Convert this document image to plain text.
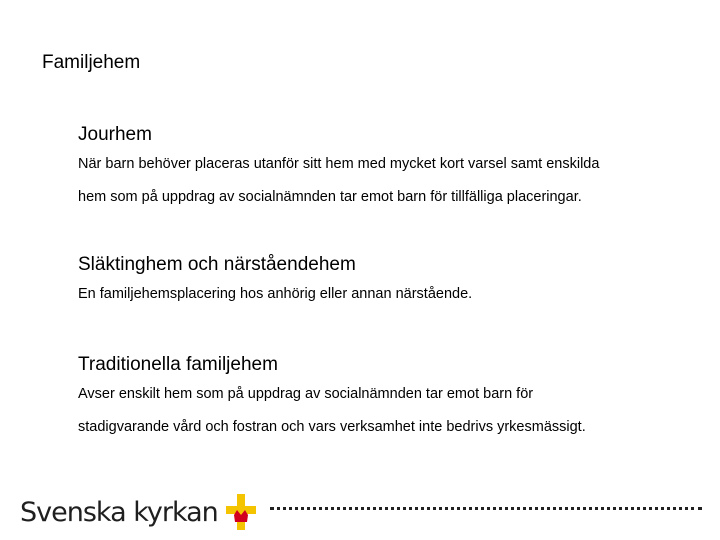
Familjehem
Jourhem
När barn behöver placeras utanför sitt hem med mycket kort varsel samt enskilda
hem som på uppdrag av socialnämnden tar emot barn för tillfälliga placeringar.
Släktinghem och närståendehem
En familjehemsplacering hos anhörig eller annan närstående.
Traditionella familjehem
Avser enskilt hem som på uppdrag av socialnämnden tar emot barn för
stadigvarande vård och fostran och vars verksamhet inte bedrivs yrkesmässigt.
Svenska kyrkan
